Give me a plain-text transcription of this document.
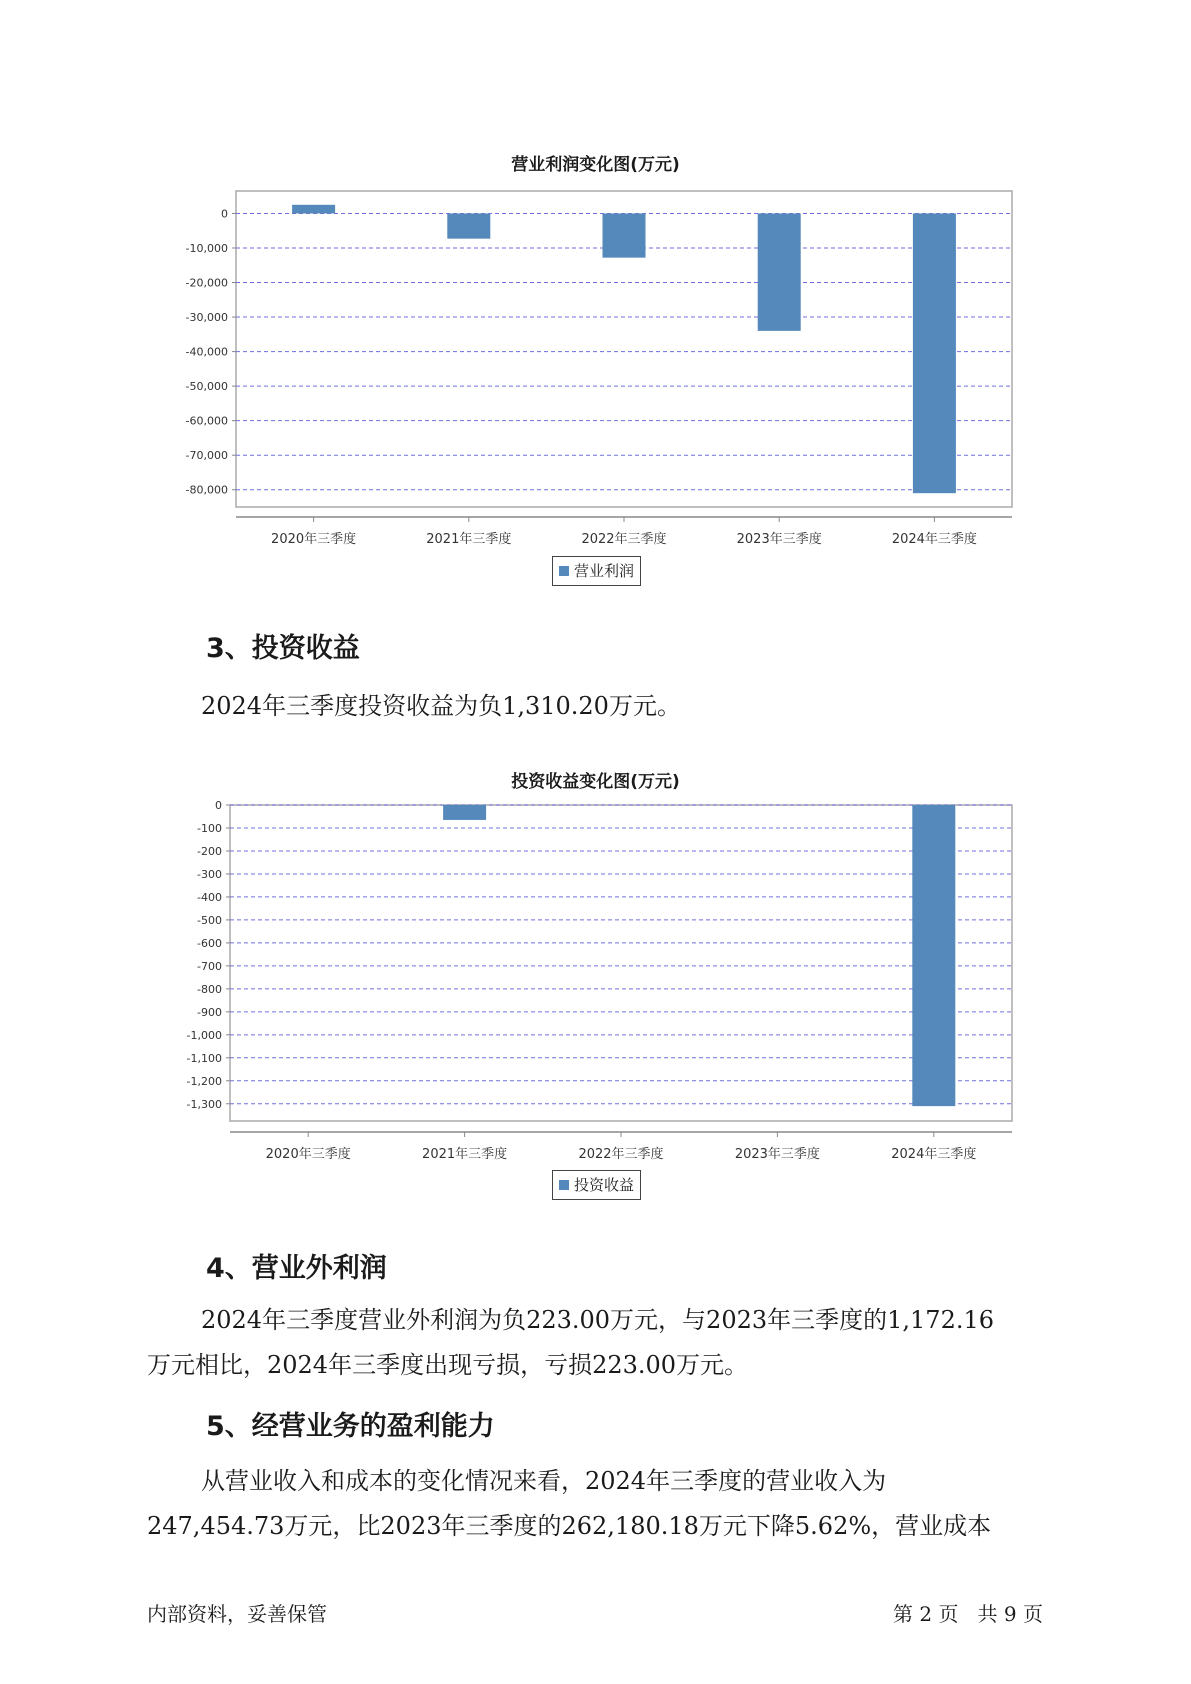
营业利润变化图(万元)
0
-10,000
-20,000
-30,000
-40,000
-50,000
-60,000
-70,000
-80,000
2020年三季度	2021年三季度	2022年三季度	2023年三季度	2024年三季度
营业利润
3、投资收益
2024年三季度投资收益为负1,310.20万元。
投资收益变化图(万元)
0
-100
-200
-300
-400
-500
-600
-700
-800
-900
-1,000
-1,100
-1,200
-1,300
2020年三季度	2021年三季度	2022年三季度	2023年三季度	2024年三季度
投资收益
4、营业外利润
2024年三季度营业外利润为负223.00万元，与2023年三季度的1,172.16
万元相比，2024年三季度出现亏损，亏损223.00万元。
5、经营业务的盈利能力
从营业收入和成本的变化情况来看，2024年三季度的营业收入为
247,454.73万元，比2023年三季度的262,180.18万元下降5.62%，营业成本
内部资料，妥善保管	第 2 页   共 9 页
